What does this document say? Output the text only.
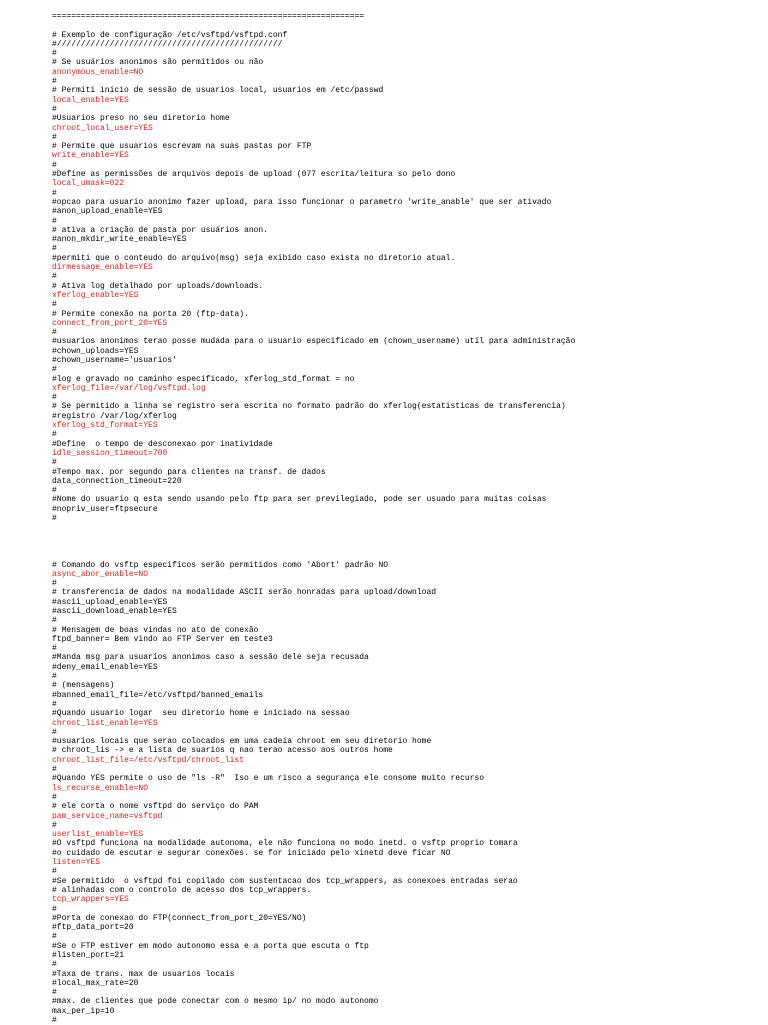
=================================================================
# Exemplo de configuração /etc/vsftpd/vsftpd.conf
#///////////////////////////////////////////////
#
# Se usuários anonimos são permitidos ou não
anonymous_enable=NO
#
# Permiti inicio de sessão de usuarios local, usuarios em /etc/passwd
local_enable=YES
#
#Usuarios preso no seu diretorio home
chroot_local_user=YES
#
# Permite que usuarios escrevam na suas pastas por FTP
write_enable=YES
#
#Define as permissões de arquivos depois de upload (077 escrita/leitura so pelo dono
local_umask=022
#
#opcao para usuario anonimo fazer upload, para isso funcionar o parametro 'write_anable' que ser ativado
#anon_upload_enable=YES
#
# ativa a criação de pasta por usuários anon.
#anon_mkdir_write_enable=YES
#
#permiti que o conteudo do arquivo(msg) seja exibido caso exista no diretorio atual.
dirmessage_enable=YES
#
# Ativa log detalhado por uploads/downloads.
xferlog_enable=YES
#
# Permite conexão na porta 20 (ftp-data).
connect_from_port_20=YES
#
#usuarios anonimos terao posse mudada para o usuario especificado em (chown_username) util para administração
#chown_uploads=YES
#chown_username='usuarios'
#
#log e gravado no caminho especificado, xferlog_std_format = no
xferlog_file=/var/log/vsftpd.log
#
# Se permitido a linha se registro sera escrita no formato padrão do xferlog(estatisticas de transferencia)
#registro /var/log/xferlog
xferlog_std_format=YES
#
#Define  o tempo de desconexao por inatividade
idle_session_timeout=700
#
#Tempo max. por segundo para clientes na transf. de dados
data_connection_timeout=220
#
#Nome do usuario q esta sendo usando pelo ftp para ser previlegiado, pode ser usuado para muitas coisas
#nopriv_user=ftpsecure
#
# Comando do vsftp especificos serão permitidos como 'Abort' padrão NO
async_abor_enable=NO
#
# transferencia de dados na modalidade ASCII serão honradas para upload/download
#ascii_upload_enable=YES
#ascii_download_enable=YES
#
# Mensagem de boas vindas no ato de conexão
ftpd_banner= Bem vindo ao FTP Server em teste3
#
#Manda msg para usuarios anonimos caso a sessão dele seja recusada
#deny_email_enable=YES
#
# (mensagens)
#banned_email_file=/etc/vsftpd/banned_emails
#
#Quando usuario logar  seu diretorio home e iniciado na sessao
chroot_list_enable=YES
#
#usuarios locais que serao colocados em uma cadeia chroot em seu diretorio home
# chroot_lis -> e a lista de suarios q nao terao acesso aos outros home
chroot_list_file=/etc/vsftpd/chroot_list
#
#Quando YES permite o uso de "ls -R"  Iso e um risco a segurança ele consome muito recurso
ls_recurse_enable=NO
#
# ele corta o nome vsftpd do serviço do PAM
pam_service_name=vsftpd
#
userlist_enable=YES
#O vsftpd funciona na modalidade autonoma, ele não funciona no modo inetd. o vsftp proprio tomara
#o cuidado de escutar e segurar conexões. se for iniciado pelo xinetd deve ficar NO
listen=YES
#
#Se permitido  o vsftpd foi copilado com sustentacao dos tcp_wrappers, as conexoes entradas serao
# alinhadas com o controlo de acesso dos tcp_wrappers.
tcp_wrappers=YES
#
#Porta de conexao do FTP(connect_from_port_20=YES/NO)
#ftp_data_port=20
#
#Se o FTP estiver em modo autonomo essa e a porta que escuta o ftp
#listen_port=21
#
#Taxa de trans. max de usuarios locais
#local_max_rate=20
#
#max. de clientes que pode conectar com o mesmo ip/ no modo autonomo
max_per_ip=10
#
